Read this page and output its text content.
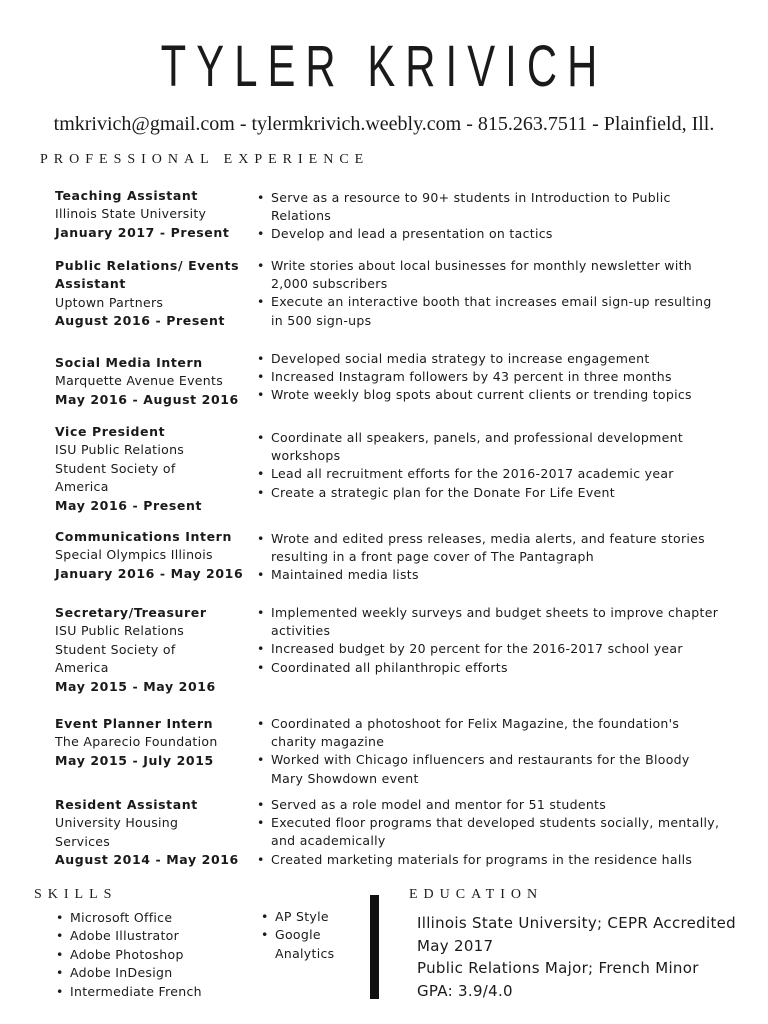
TYLER KRIVICH
tmkrivich@gmail.com - tylermkrivich.weebly.com - 815.263.7511 - Plainfield, Ill.
PROFESSIONAL EXPERIENCE
Teaching Assistant
Illinois State University
January 2017 - Present
• Serve as a resource to 90+ students in Introduction to Public Relations
• Develop and lead a presentation on tactics
Public Relations/ Events Assistant
Uptown Partners
August 2016 - Present
• Write stories about local businesses for monthly newsletter with 2,000 subscribers
• Execute an interactive booth that increases email sign-up resulting in 500 sign-ups
Social Media Intern
Marquette Avenue Events
May 2016 - August 2016
• Developed social media strategy to increase engagement
• Increased Instagram followers by 43 percent in three months
• Wrote weekly blog spots about current clients or trending topics
Vice President
ISU Public Relations
Student Society of
America
May 2016 - Present
• Coordinate all speakers, panels, and professional development workshops
• Lead all recruitment efforts for the 2016-2017 academic year
• Create a strategic plan for the Donate For Life Event
Communications Intern
Special Olympics Illinois
January 2016 - May 2016
• Wrote and edited press releases, media alerts, and feature stories resulting in a front page cover of The Pantagraph
• Maintained media lists
Secretary/Treasurer
ISU Public Relations
Student Society of
America
May 2015 - May 2016
• Implemented weekly surveys and budget sheets to improve chapter activities
• Increased budget by 20 percent for the 2016-2017 school year
• Coordinated all philanthropic efforts
Event Planner Intern
The Aparecio Foundation
May 2015 - July 2015
• Coordinated a photoshoot for Felix Magazine, the foundation's charity magazine
• Worked with Chicago influencers and restaurants for the Bloody Mary Showdown event
Resident Assistant
University Housing
Services
August 2014 - May 2016
• Served as a role model and mentor for 51 students
• Executed floor programs that developed students socially, mentally, and academically
• Created marketing materials for programs in the residence halls
SKILLS
• Microsoft Office
• Adobe Illustrator
• Adobe Photoshop
• Adobe InDesign
• Intermediate French
• AP Style
• Google Analytics
EDUCATION
Illinois State University; CEPR Accredited
May 2017
Public Relations Major; French Minor
GPA: 3.9/4.0
